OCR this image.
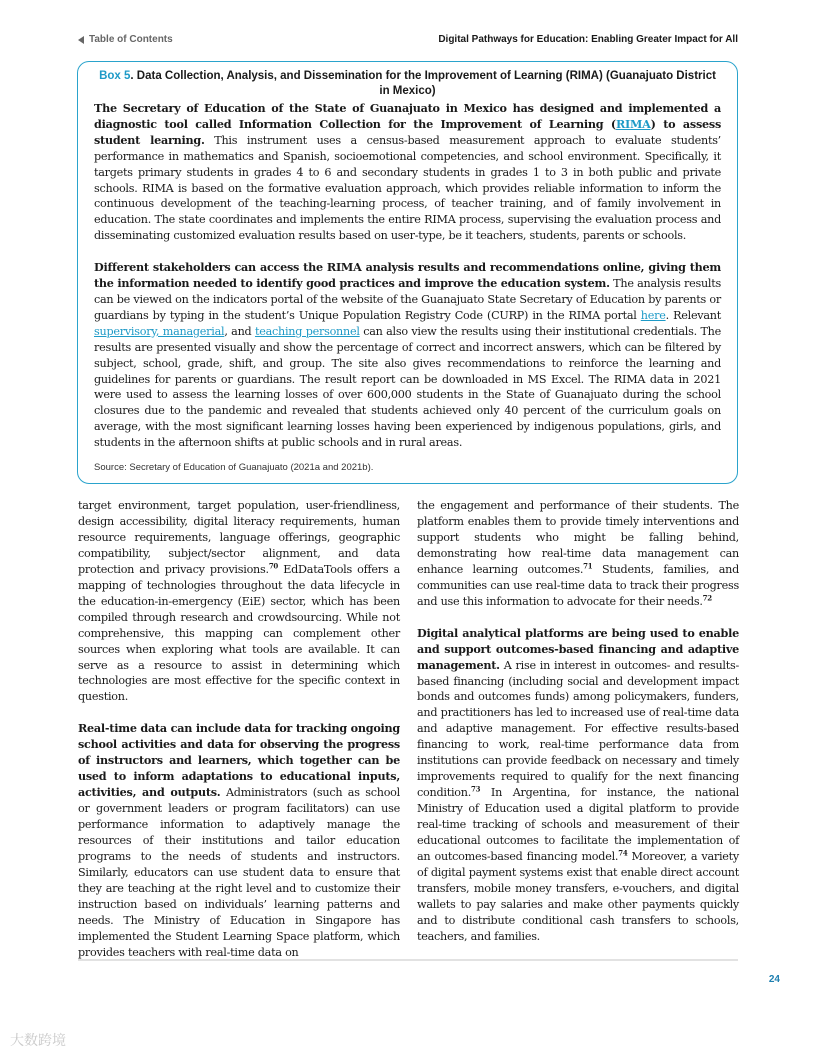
Table of Contents	Digital Pathways for Education: Enabling Greater Impact for All
Box 5. Data Collection, Analysis, and Dissemination for the Improvement of Learning (RIMA) (Guanajuato District in Mexico)

The Secretary of Education of the State of Guanajuato in Mexico has designed and implemented a diagnostic tool called Information Collection for the Improvement of Learning (RIMA) to assess student learning. This instrument uses a census-based measurement approach to evaluate students’ performance in mathematics and Spanish, socioemotional competencies, and school environment. Specifically, it targets primary students in grades 4 to 6 and secondary students in grades 1 to 3 in both public and private schools. RIMA is based on the formative evaluation approach, which provides reliable information to inform the continuous development of the teaching-learning process, of teacher training, and of family involvement in education. The state coordinates and implements the entire RIMA process, supervising the evaluation process and disseminating customized evaluation results based on user-type, be it teachers, students, parents or schools.

Different stakeholders can access the RIMA analysis results and recommendations online, giving them the information needed to identify good practices and improve the education system. The analysis results can be viewed on the indicators portal of the website of the Guanajuato State Secretary of Education by parents or guardians by typing in the student’s Unique Population Registry Code (CURP) in the RIMA portal here. Relevant supervisory, managerial, and teaching personnel can also view the results using their institutional credentials. The results are presented visually and show the percentage of correct and incorrect answers, which can be filtered by subject, school, grade, shift, and group. The site also gives recommendations to reinforce the learning and guidelines for parents or guardians. The result report can be downloaded in MS Excel. The RIMA data in 2021 were used to assess the learning losses of over 600,000 students in the State of Guanajuato during the school closures due to the pandemic and revealed that students achieved only 40 percent of the curriculum goals on average, with the most significant learning losses having been experienced by indigenous populations, girls, and students in the afternoon shifts at public schools and in rural areas.

Source: Secretary of Education of Guanajuato (2021a and 2021b).

target environment, target population, user-friendliness, design accessibility, digital literacy requirements, human resource requirements, language offerings, geographic compatibility, subject/sector alignment, and data protection and privacy provisions.$^{70}$ EdDataTools offers a mapping of technologies throughout the data lifecycle in the education-in-emergency (EiE) sector, which has been compiled through research and crowdsourcing. While not comprehensive, this mapping can complement other sources when exploring what tools are available. It can serve as a resource to assist in determining which technologies are most effective for the specific context in question.

Real-time data can include data for tracking ongoing school activities and data for observing the progress of instructors and learners, which together can be used to inform adaptations to educational inputs, activities, and outputs. Administrators (such as school or government leaders or program facilitators) can use performance information to adaptively manage the resources of their institutions and tailor education programs to the needs of students and instructors. Similarly, educators can use student data to ensure that they are teaching at the right level and to customize their instruction based on individuals’ learning patterns and needs. The Ministry of Education in Singapore has implemented the Student Learning Space platform, which provides teachers with real-time data on

the engagement and performance of their students. The platform enables them to provide timely interventions and support students who might be falling behind, demonstrating how real-time data management can enhance learning outcomes.$^{71}$ Students, families, and communities can use real-time data to track their progress and use this information to advocate for their needs.$^{72}$

Digital analytical platforms are being used to enable and support outcomes-based financing and adaptive management. A rise in interest in outcomes- and results-based financing (including social and development impact bonds and outcomes funds) among policymakers, funders, and practitioners has led to increased use of real-time data and adaptive management. For effective results-based financing to work, real-time performance data from institutions can provide feedback on necessary and timely improvements required to qualify for the next financing condition.$^{73}$ In Argentina, for instance, the national Ministry of Education used a digital platform to provide real-time tracking of schools and measurement of their educational outcomes to facilitate the implementation of an outcomes-based financing model.$^{74}$ Moreover, a variety of digital payment systems exist that enable direct account transfers, mobile money transfers, e-vouchers, and digital wallets to pay salaries and make other payments quickly and to distribute conditional cash transfers to schools, teachers, and families.

24
大数跨境
